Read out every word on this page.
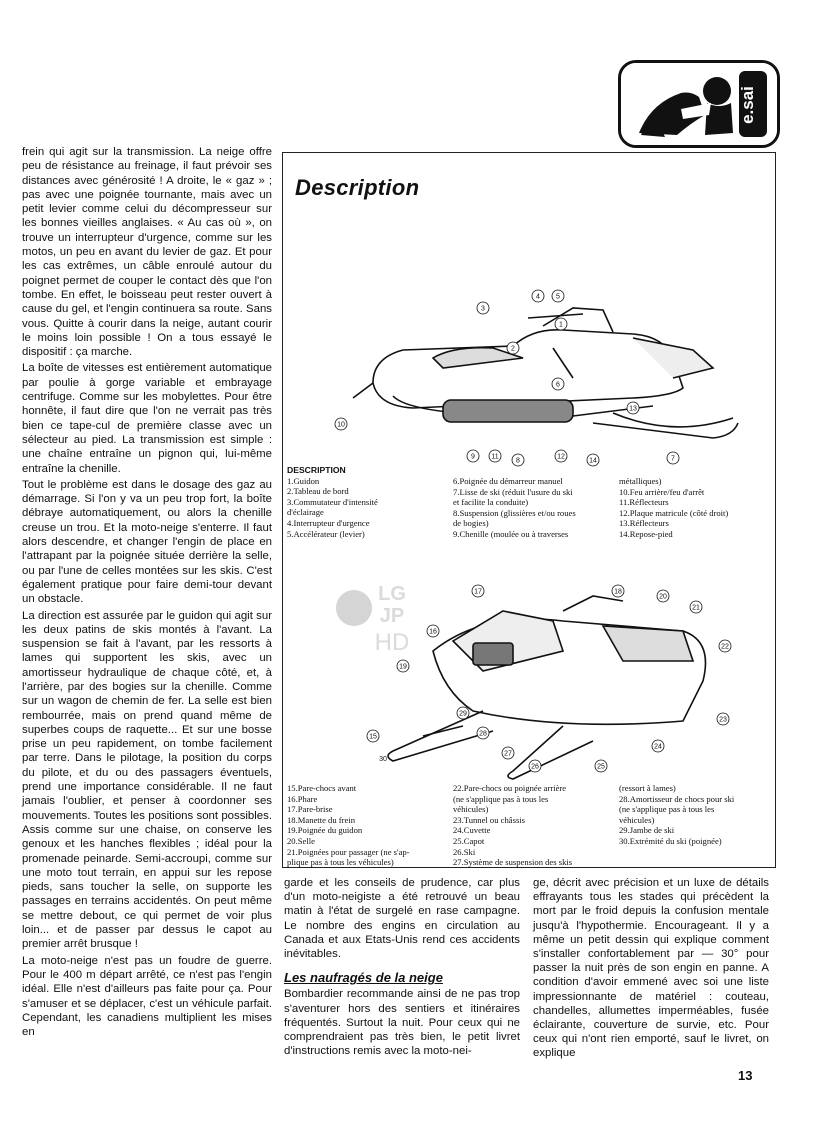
e.sai

frein qui agit sur la transmission. La neige offre peu de résistance au freinage, il faut prévoir ses distances avec générosité ! A droite, le « gaz » ; pas avec une poignée tournante, mais avec un petit levier comme celui du décompresseur sur les bonnes vieilles anglaises. « Au cas où », on trouve un interrupteur d'urgence, comme sur les motos, un peu en avant du levier de gaz. Et pour les cas extrêmes, un câble enroulé autour du poignet permet de couper le contact dès que l'on tombe. En effet, le boisseau peut rester ouvert à cause du gel, et l'engin continuera sa route. Sans vous. Quitte à courir dans la neige, autant courir le moins loin possible ! On a tous essayé le dispositif : ça marche.

La boîte de vitesses est entièrement automatique par poulie à gorge variable et embrayage centrifuge. Comme sur les mobylettes. Pour être honnête, il faut dire que l'on ne verrait pas très bien ce tape-cul de première classe avec un sélecteur au pied. La transmission est simple : une chaîne entraîne un pignon qui, lui-même entraîne la chenille.

Tout le problème est dans le dosage des gaz au démarrage. Si l'on y va un peu trop fort, la boîte débraye automatiquement, ou alors la chenille creuse un trou. Et la moto-neige s'enterre. Il faut alors descendre, et changer l'engin de place en l'attrapant par la poignée située derrière la selle, ou par l'une de celles montées sur les skis. C'est également pratique pour faire demi-tour devant un obstacle.

La direction est assurée par le guidon qui agit sur les deux patins de skis montés à l'avant. La suspension se fait à l'avant, par les ressorts à lames qui supportent les skis, avec un amortisseur hydraulique de chaque côté, et, à l'arrière, par des bogies sur la chenille. Comme sur un wagon de chemin de fer. La selle est bien rembourrée, mais on prend quand même de superbes coups de raquette... Et sur une bosse prise un peu rapidement, on tombe facilement par terre. Dans le pilotage, la position du corps du pilote, et du ou des passagers éventuels, prend une importance considérable. Il ne faut jamais l'oublier, et penser à coordonner ses mouvements. Toutes les positions sont possibles. Assis comme sur une chaise, on conserve les genoux et les hanches flexibles ; idéal pour la promenade peinarde. Semi-accroupi, comme sur une moto tout terrain, en appui sur les repose pieds, sans toucher la selle, on supporte les passages en terrains accidentés. On peut même se mettre debout, ce qui permet de voir plus loin... et de passer par dessus le capot au premier arrêt brusque !

La moto-neige n'est pas un foudre de guerre. Pour le 400 m départ arrêté, ce n'est pas l'engin idéal. Elle n'est d'ailleurs pas faite pour ça. Pour s'amuser et se déplacer, c'est un véhicule parfait. Cependant, les canadiens multiplient les mises en

Description
1
2
3
4 5
6
7
8
9
10
11	12
13
14
DESCRIPTION
1.Guidon
2.Tableau de bord
3.Commutateur d'intensité
d'éclairage
4.Interrupteur d'urgence
5.Accélérateur (levier)
6.Poignée du démarreur manuel
7.Lisse de ski (réduit l'usure du ski
et facilite la conduite)
8.Suspension (glissières et/ou roues
de bogies)
9.Chenille (moulée ou à traverses
métalliques)
10.Feu arrière/feu d'arrêt
11.Réflecteurs
12.Plaque matricule (côté droit)
13.Réflecteurs
14.Repose-pied
15
16
17	18
19
20
21
22
23
24
25
26
27
28
29
30
15.Pare-chocs avant
16.Phare
17.Pare-brise
18.Manette du frein
19.Poignée du guidon
20.Selle
21.Poignées pour passager (ne s'ap-
plique pas à tous les véhicules)
22.Pare-chocs ou poignée arrière
(ne s'applique pas à tous les
véhicules)
23.Tunnel ou châssis
24.Cuvette
25.Capot
26.Ski
27.Système de suspension des skis
(ressort à lames)
28.Amortisseur de chocs pour ski
(ne s'applique pas à tous les
véhicules)
29.Jambe de ski
30.Extrémité du ski (poignée)
LG
JP
HD

garde et les conseils de prudence, car plus d'un moto-neigiste a été retrouvé un beau matin à l'état de surgelé en rase campagne. Le nombre des engins en circulation au Canada et aux Etats-Unis rend ces accidents inévitables.

Les naufragés de la neige

Bombardier recommande ainsi de ne pas trop s'aventurer hors des sentiers et itinéraires fréquentés. Surtout la nuit. Pour ceux qui ne comprendraient pas très bien, le petit livret d'instructions remis avec la moto-nei-

ge, décrit avec précision et un luxe de détails effrayants tous les stades qui précèdent la mort par le froid depuis la confusion mentale jusqu'à l'hypothermie. Encourageant. Il y a même un petit dessin qui explique comment s'installer confortablement par — 30° pour passer la nuit près de son engin en panne. A condition d'avoir emmené avec soi une liste impressionnante de matériel : couteau, chandelles, allumettes imperméables, fusée éclairante, couverture de survie, etc. Pour ceux qui n'ont rien emporté, sauf le livret, on explique

13
